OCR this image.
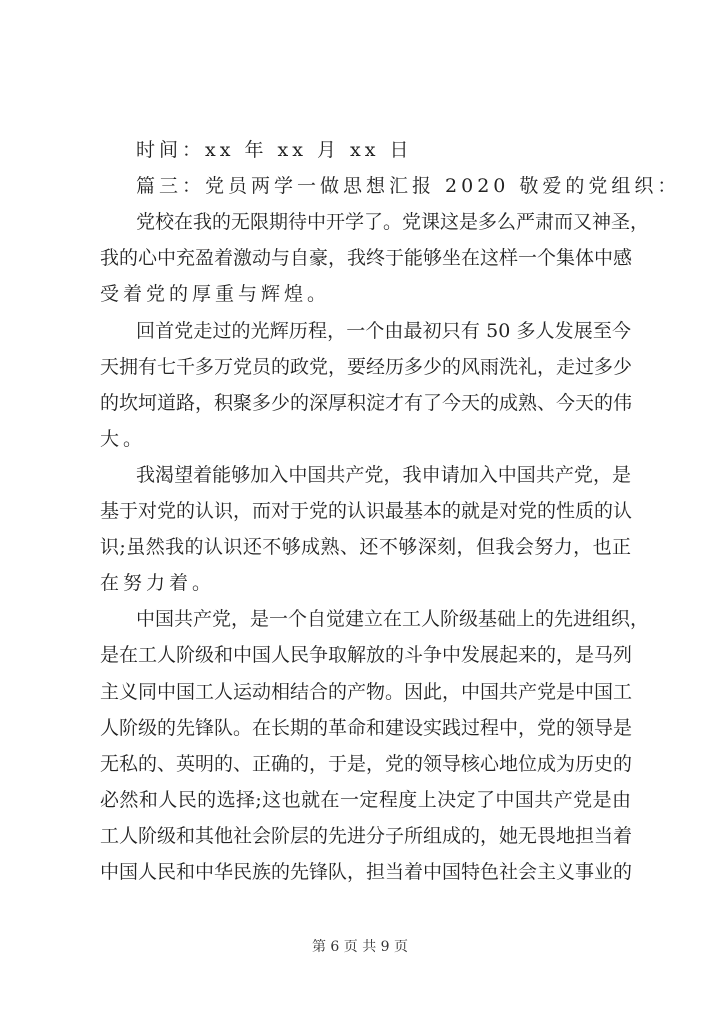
时间：xx 年 xx 月 xx 日
篇三：党员两学一做思想汇报 2020 敬爱的党组织：
党校在我的无限期待中开学了。党课这是多么严肃而又神圣，
我的心中充盈着激动与自豪，我终于能够坐在这样一个集体中感
受着党的厚重与辉煌。
回首党走过的光辉历程，一个由最初只有 50 多人发展至今
天拥有七千多万党员的政党，要经历多少的风雨洗礼，走过多少
的坎坷道路，积聚多少的深厚积淀才有了今天的成熟、今天的伟
大。
我渴望着能够加入中国共产党，我申请加入中国共产党，是
基于对党的认识，而对于党的认识最基本的就是对党的性质的认
识;虽然我的认识还不够成熟、还不够深刻，但我会努力，也正
在努力着。
中国共产党，是一个自觉建立在工人阶级基础上的先进组织，
是在工人阶级和中国人民争取解放的斗争中发展起来的，是马列
主义同中国工人运动相结合的产物。因此，中国共产党是中国工
人阶级的先锋队。在长期的革命和建设实践过程中，党的领导是
无私的、英明的、正确的，于是，党的领导核心地位成为历史的
必然和人民的选择;这也就在一定程度上决定了中国共产党是由
工人阶级和其他社会阶层的先进分子所组成的，她无畏地担当着
中国人民和中华民族的先锋队，担当着中国特色社会主义事业的
第 6 页 共 9 页
